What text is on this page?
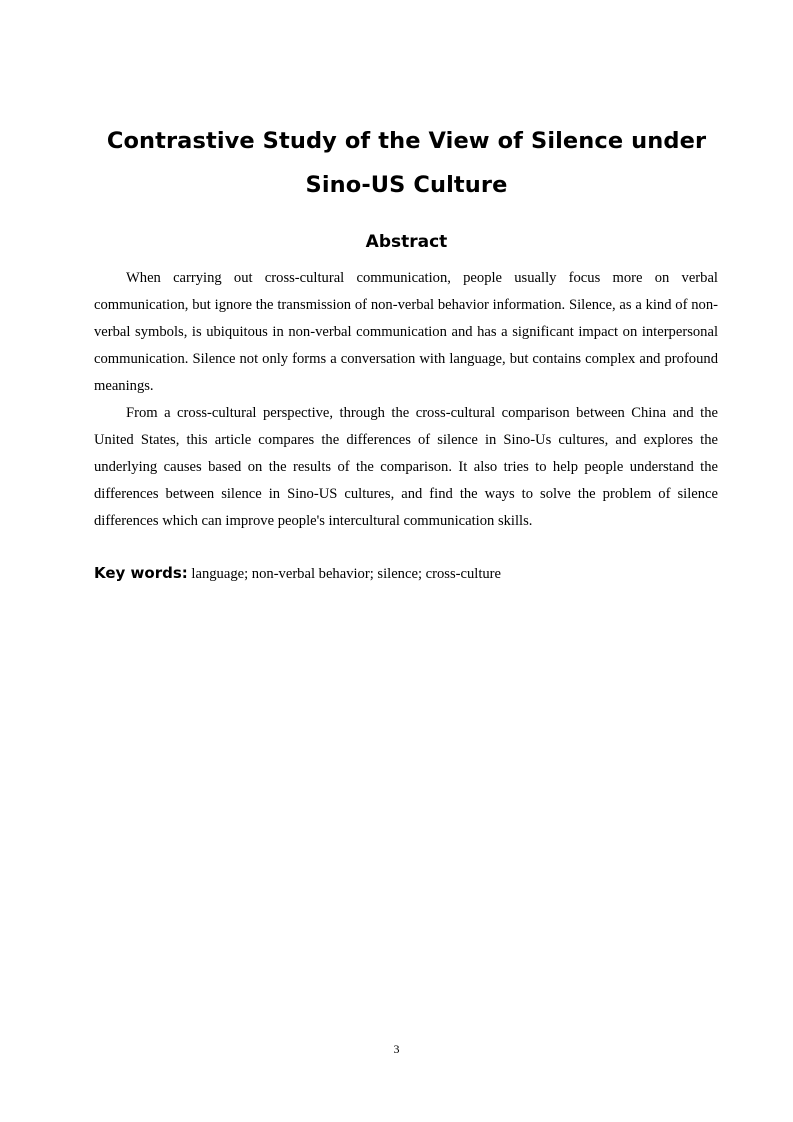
Contrastive Study of the View of Silence under
Sino-US Culture
Abstract

When carrying out cross-cultural communication, people usually focus more on verbal communication, but ignore the transmission of non-verbal behavior information. Silence, as a kind of non-verbal symbols, is ubiquitous in non-verbal communication and has a significant impact on interpersonal communication. Silence not only forms a conversation with language, but contains complex and profound meanings.

From a cross-cultural perspective, through the cross-cultural comparison between China and the United States, this article compares the differences of silence in Sino-Us cultures, and explores the underlying causes based on the results of the comparison. It also tries to help people understand the differences between silence in Sino-US cultures, and find the ways to solve the problem of silence differences which can improve people's intercultural communication skills.

Key words: language; non-verbal behavior; silence; cross-culture

3
